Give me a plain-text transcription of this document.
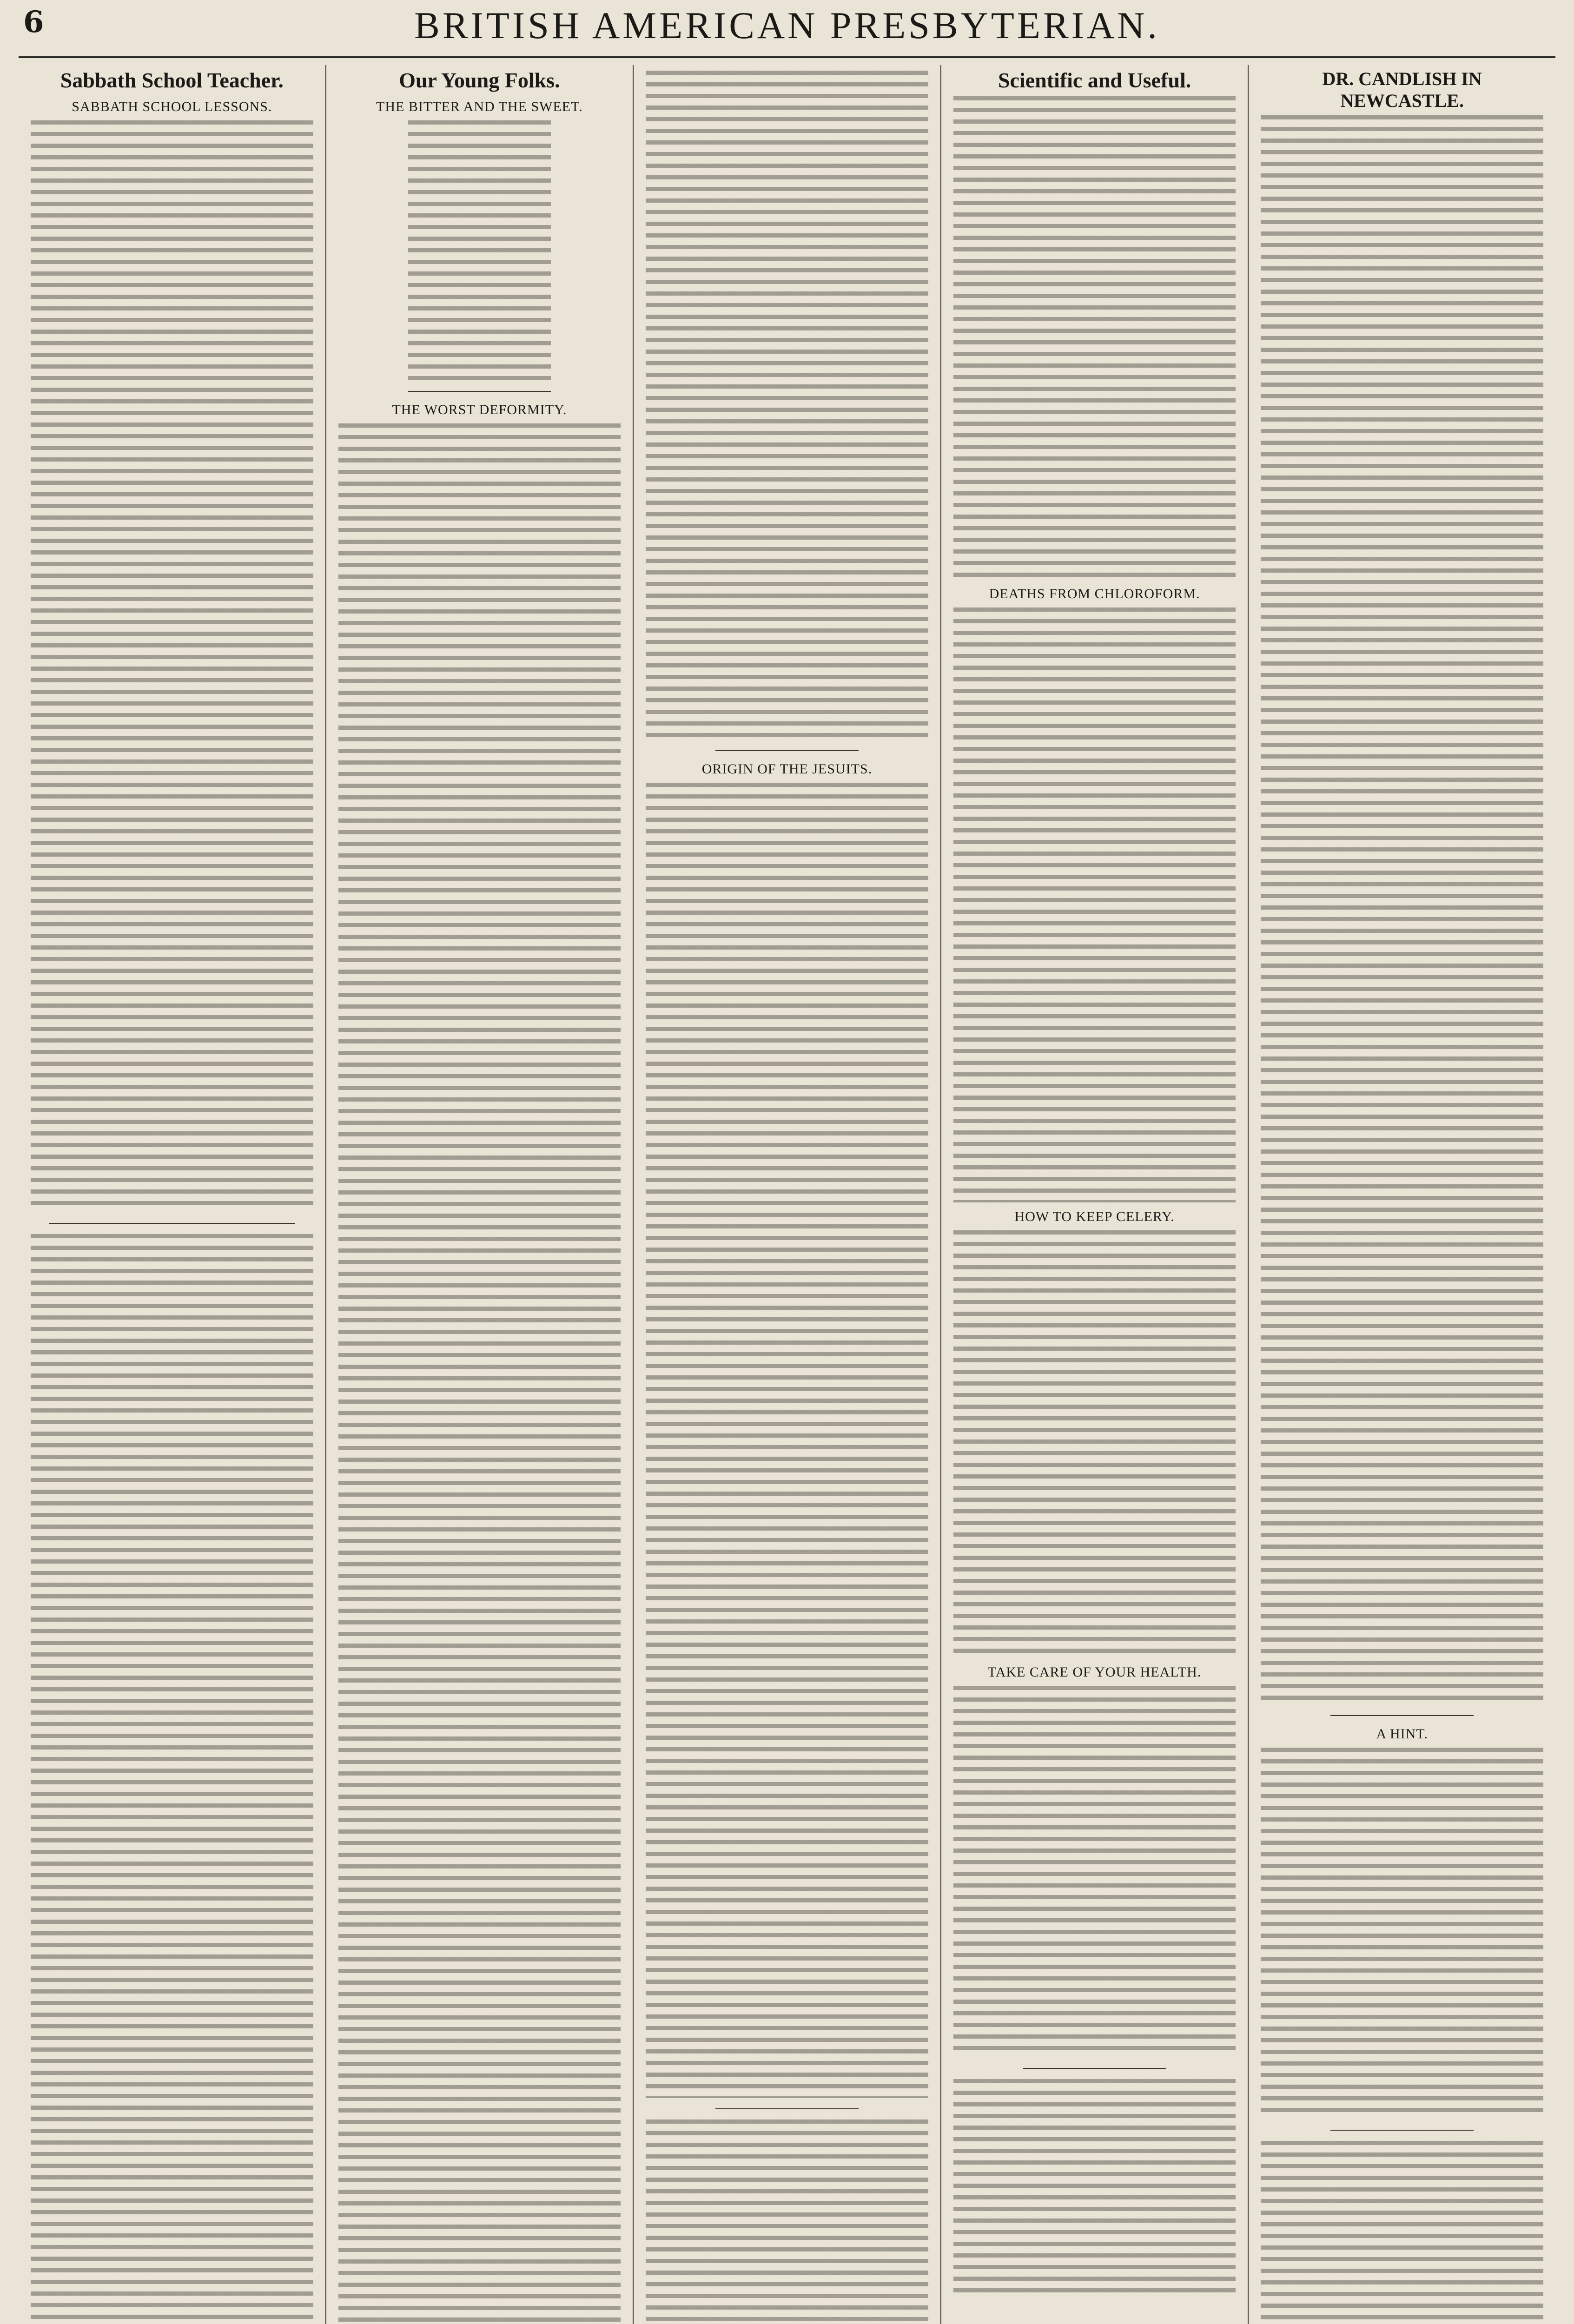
6	BRITISH AMERICAN PRESBYTERIAN.
Sabbath School Teacher.
SABBATH SCHOOL LESSONS.
Our Young Folks.
THE BITTER AND THE SWEET.
THE WORST DEFORMITY.
ORIGIN OF THE JESUITS.
Scientific and Useful.
DEATHS FROM CHLOROFORM.
HOW TO KEEP CELERY.
TAKE CARE OF YOUR HEALTH.
DR. CANDLISH IN NEWCASTLE.
A HINT.
